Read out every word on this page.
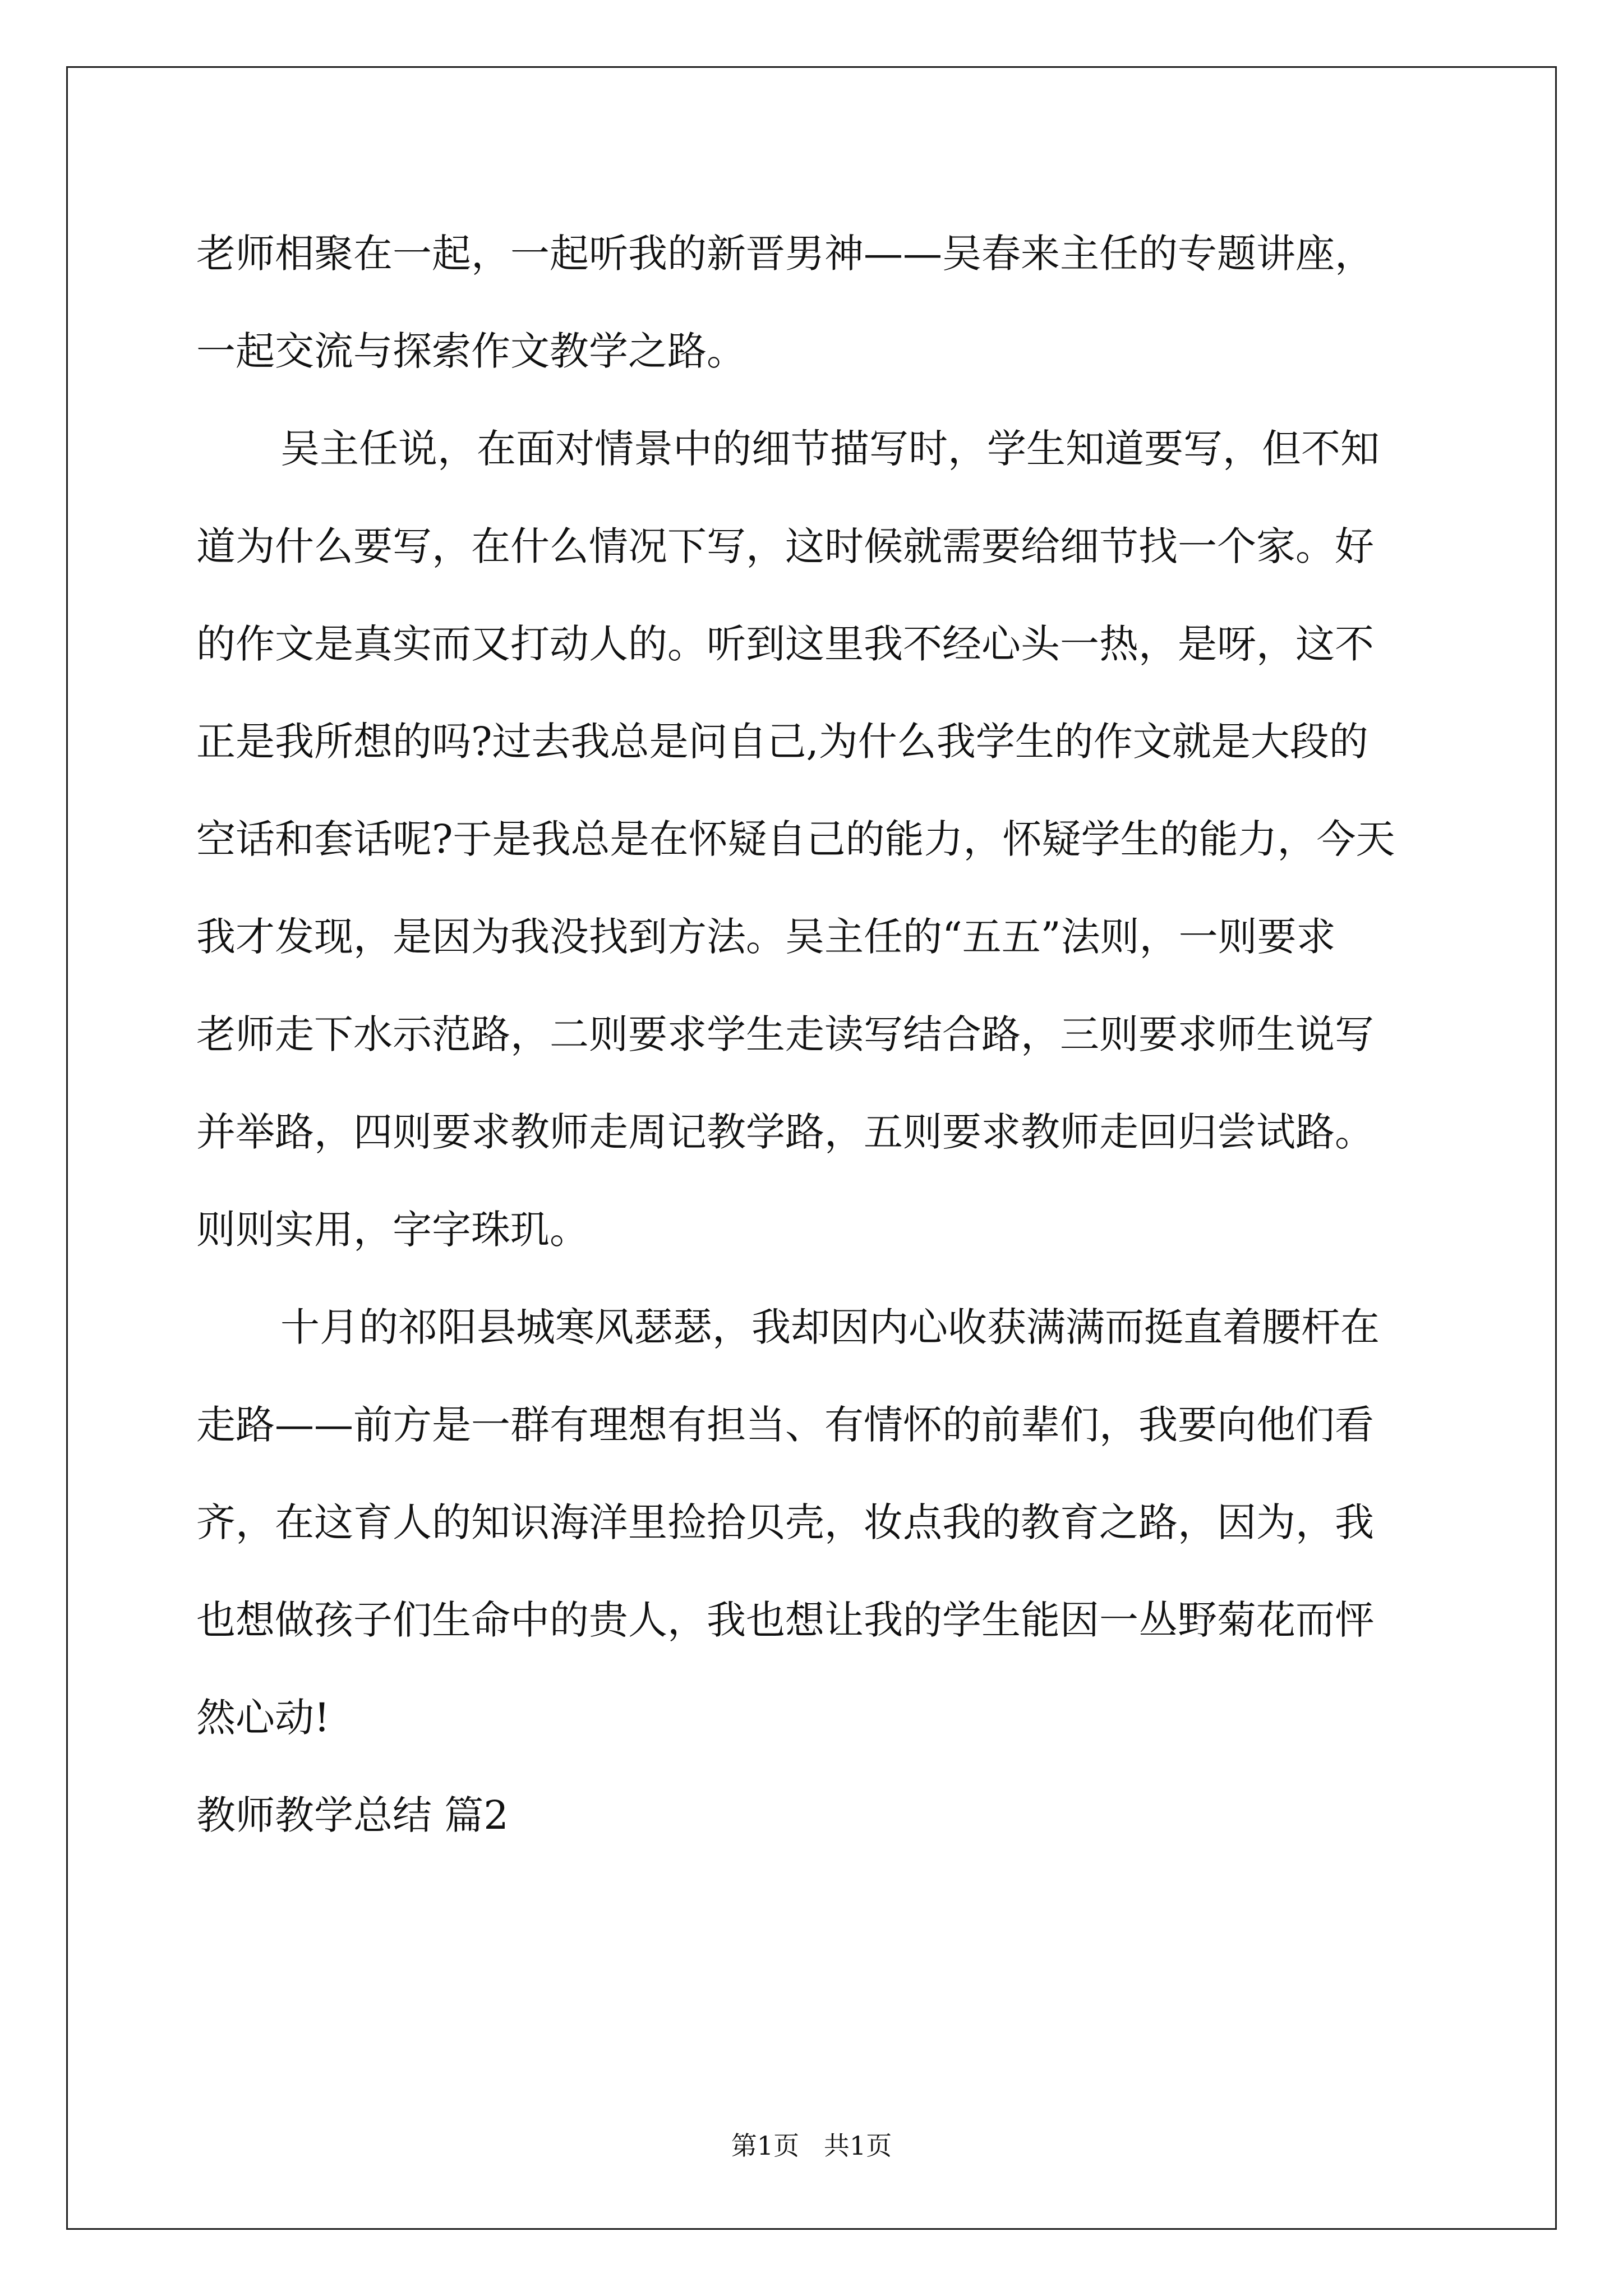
老师相聚在一起，一起听我的新晋男神——吴春来主任的专题讲座，
一起交流与探索作文教学之路。
吴主任说，在面对情景中的细节描写时，学生知道要写，但不知
道为什么要写，在什么情况下写，这时候就需要给细节找一个家。好
的作文是真实而又打动人的。听到这里我不经心头一热，是呀，这不
正是我所想的吗?过去我总是问自己,为什么我学生的作文就是大段的
空话和套话呢?于是我总是在怀疑自己的能力，怀疑学生的能力，今天
我才发现，是因为我没找到方法。吴主任的“五五”法则，一则要求
老师走下水示范路，二则要求学生走读写结合路，三则要求师生说写
并举路，四则要求教师走周记教学路，五则要求教师走回归尝试路。
则则实用，字字珠玑。
十月的祁阳县城寒风瑟瑟，我却因内心收获满满而挺直着腰杆在
走路——前方是一群有理想有担当、有情怀的前辈们，我要向他们看
齐，在这育人的知识海洋里捡拾贝壳，妆点我的教育之路，因为，我
也想做孩子们生命中的贵人，我也想让我的学生能因一丛野菊花而怦
然心动!
教师教学总结 篇2
第1页   共1页
